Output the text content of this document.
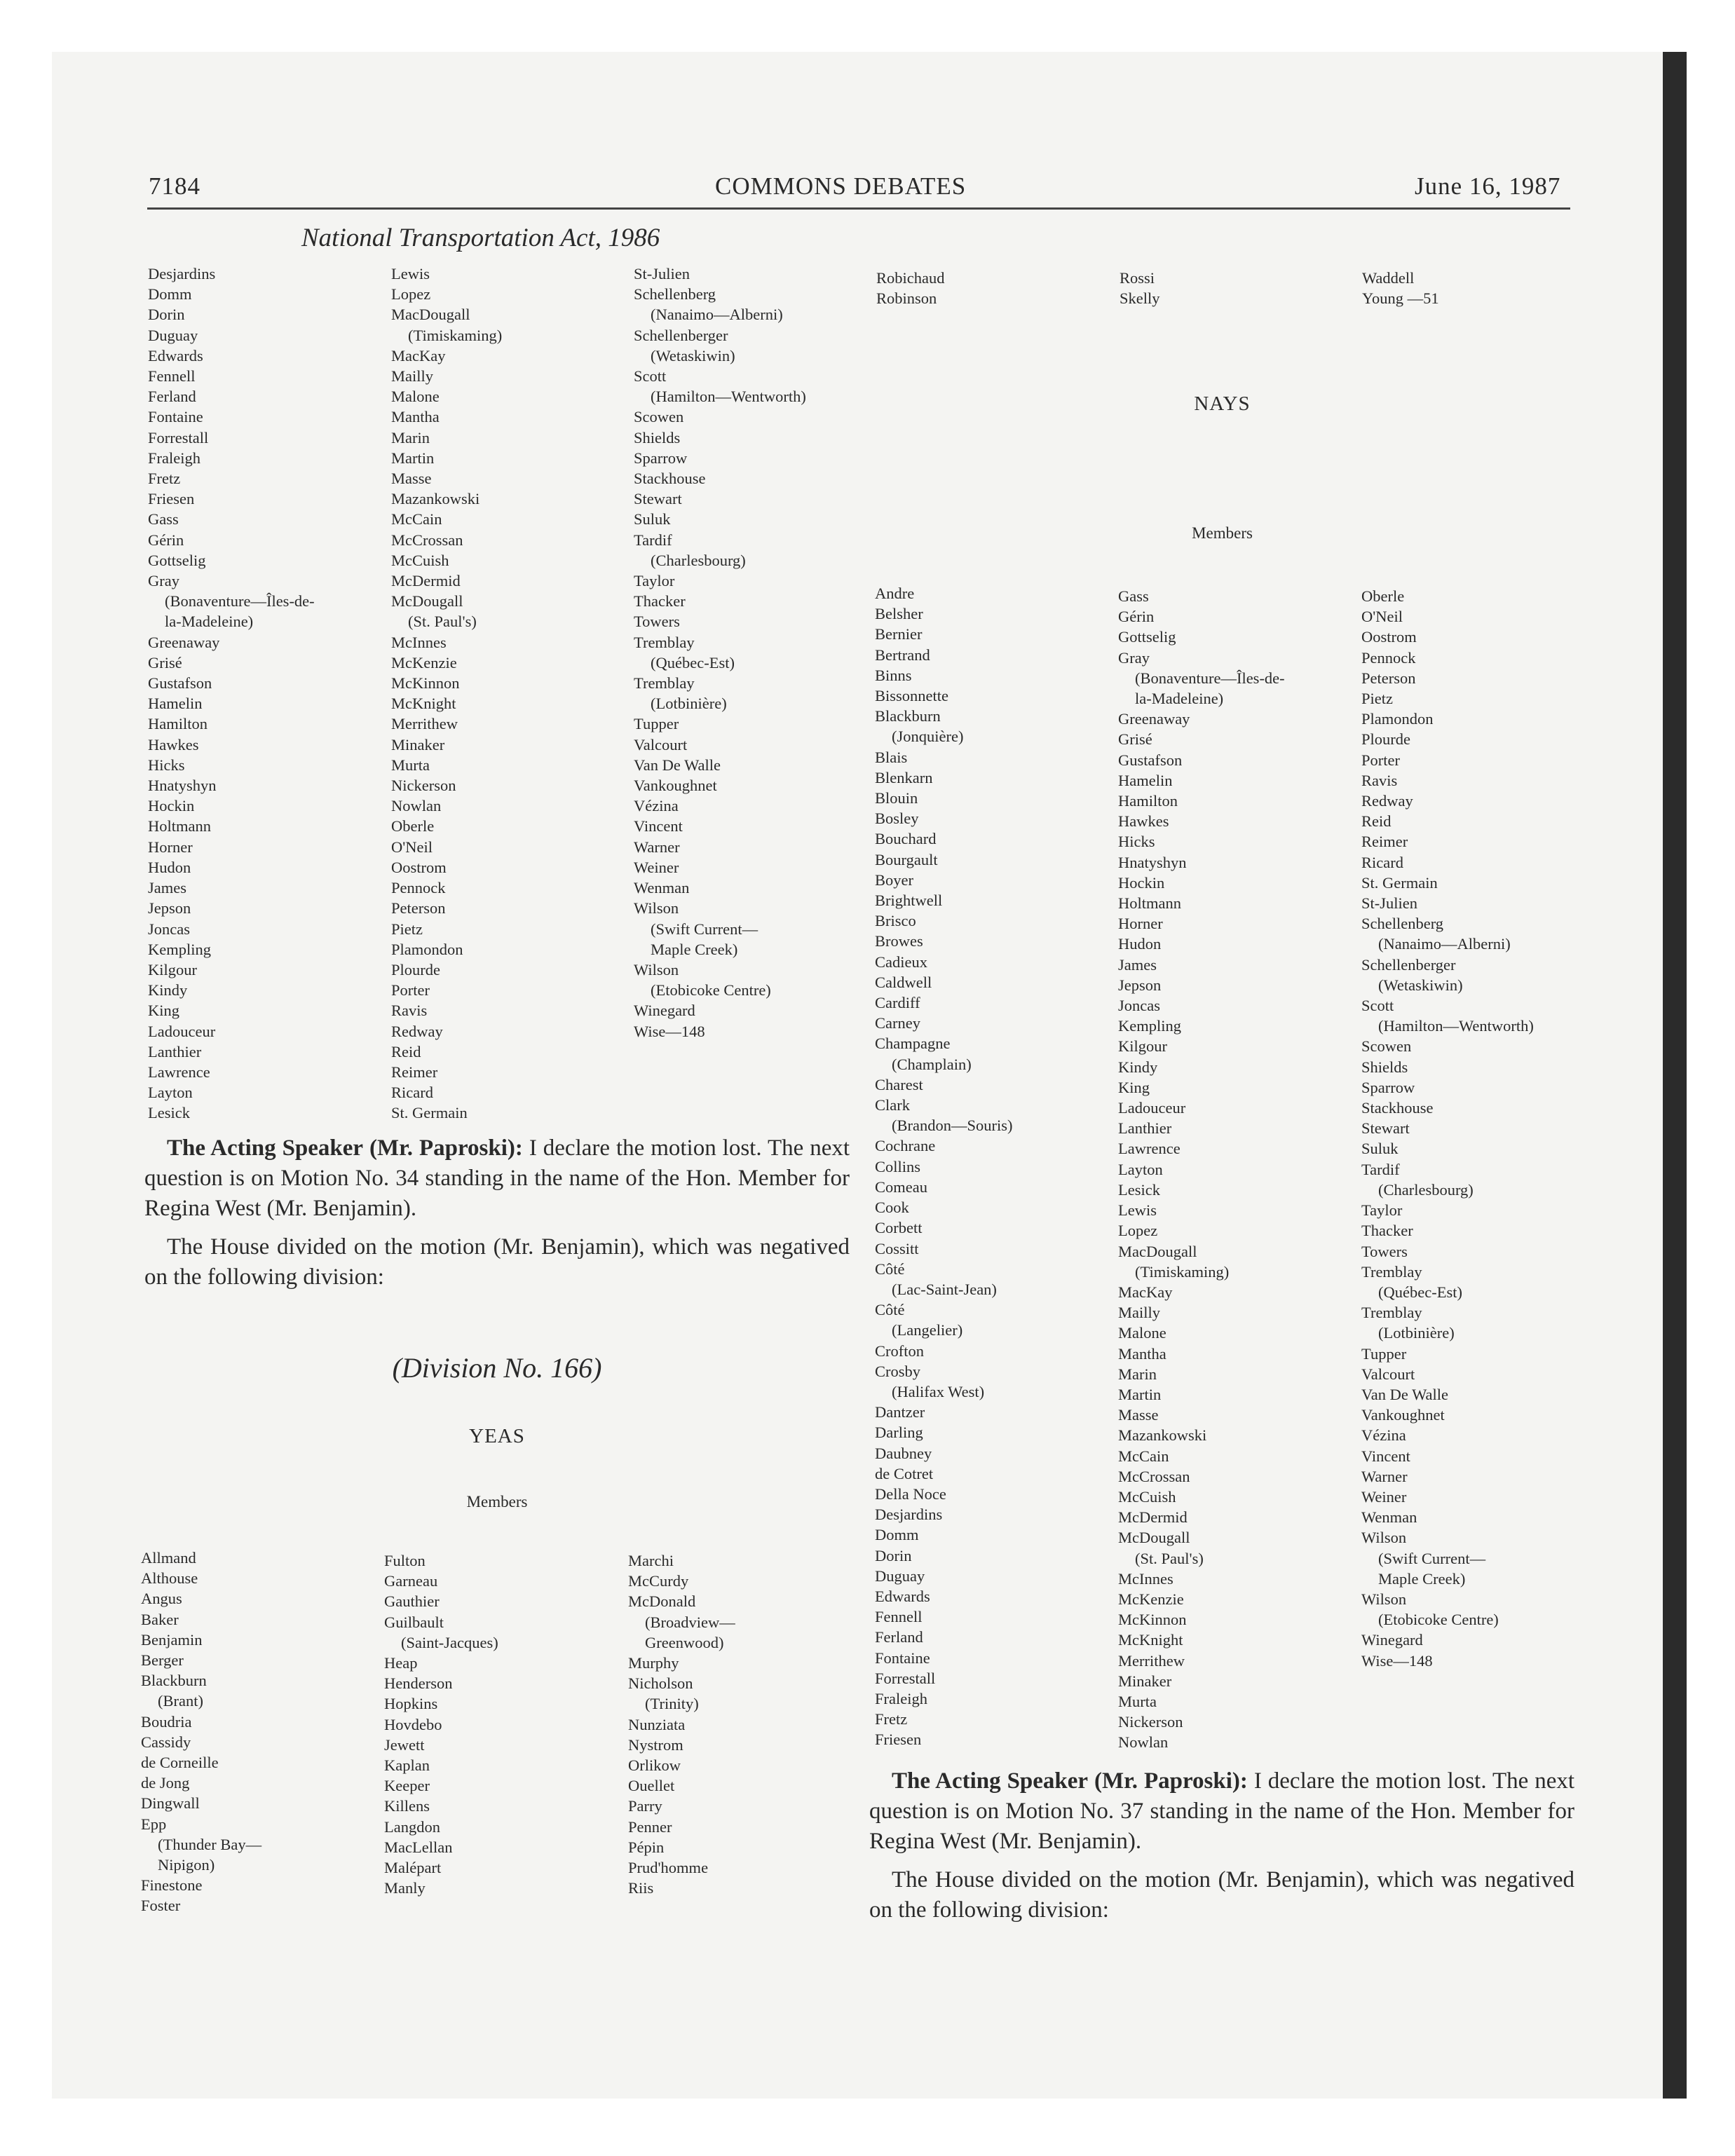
7184	COMMONS DEBATES	June 16, 1987
National Transportation Act, 1986
Desjardins
Domm
Dorin
Duguay
Edwards
Fennell
Ferland
Fontaine
Forrestall
Fraleigh
Fretz
Friesen
Gass
Gérin
Gottselig
Gray
(Bonaventure—Îles-de-
la-Madeleine)
Greenaway
Grisé
Gustafson
Hamelin
Hamilton
Hawkes
Hicks
Hnatyshyn
Hockin
Holtmann
Horner
Hudon
James
Jepson
Joncas
Kempling
Kilgour
Kindy
King
Ladouceur
Lanthier
Lawrence
Layton
Lesick
Lewis
Lopez
MacDougall
(Timiskaming)
MacKay
Mailly
Malone
Mantha
Marin
Martin
Masse
Mazankowski
McCain
McCrossan
McCuish
McDermid
McDougall
(St. Paul's)
McInnes
McKenzie
McKinnon
McKnight
Merrithew
Minaker
Murta
Nickerson
Nowlan
Oberle
O'Neil
Oostrom
Pennock
Peterson
Pietz
Plamondon
Plourde
Porter
Ravis
Redway
Reid
Reimer
Ricard
St. Germain
St-Julien
Schellenberg
(Nanaimo—Alberni)
Schellenberger
(Wetaskiwin)
Scott
(Hamilton—Wentworth)
Scowen
Shields
Sparrow
Stackhouse
Stewart
Suluk
Tardif
(Charlesbourg)
Taylor
Thacker
Towers
Tremblay
(Québec-Est)
Tremblay
(Lotbinière)
Tupper
Valcourt
Van De Walle
Vankoughnet
Vézina
Vincent
Warner
Weiner
Wenman
Wilson
(Swift Current—
Maple Creek)
Wilson
(Etobicoke Centre)
Winegard
Wise—148
Robichaud
Robinson
Rossi
Skelly
Waddell
Young —51

The Acting Speaker (Mr. Paproski): I declare the motion lost. The next question is on Motion No. 34 standing in the name of the Hon. Member for Regina West (Mr. Benjamin).

The House divided on the motion (Mr. Benjamin), which was negatived on the following division:

(Division No. 166)
YEAS
Members
Allmand
Althouse
Angus
Baker
Benjamin
Berger
Blackburn
(Brant)
Boudria
Cassidy
de Corneille
de Jong
Dingwall
Epp
(Thunder Bay—
Nipigon)
Finestone
Foster
Fulton
Garneau
Gauthier
Guilbault
(Saint-Jacques)
Heap
Henderson
Hopkins
Hovdebo
Jewett
Kaplan
Keeper
Killens
Langdon
MacLellan
Malépart
Manly
Marchi
McCurdy
McDonald
(Broadview—
Greenwood)
Murphy
Nicholson
(Trinity)
Nunziata
Nystrom
Orlikow
Ouellet
Parry
Penner
Pépin
Prud'homme
Riis
NAYS
Members
Andre
Belsher
Bernier
Bertrand
Binns
Bissonnette
Blackburn
(Jonquière)
Blais
Blenkarn
Blouin
Bosley
Bouchard
Bourgault
Boyer
Brightwell
Brisco
Browes
Cadieux
Caldwell
Cardiff
Carney
Champagne
(Champlain)
Charest
Clark
(Brandon—Souris)
Cochrane
Collins
Comeau
Cook
Corbett
Cossitt
Côté
(Lac-Saint-Jean)
Côté
(Langelier)
Crofton
Crosby
(Halifax West)
Dantzer
Darling
Daubney
de Cotret
Della Noce
Desjardins
Domm
Dorin
Duguay
Edwards
Fennell
Ferland
Fontaine
Forrestall
Fraleigh
Fretz
Friesen
Gass
Gérin
Gottselig
Gray
(Bonaventure—Îles-de-
la-Madeleine)
Greenaway
Grisé
Gustafson
Hamelin
Hamilton
Hawkes
Hicks
Hnatyshyn
Hockin
Holtmann
Horner
Hudon
James
Jepson
Joncas
Kempling
Kilgour
Kindy
King
Ladouceur
Lanthier
Lawrence
Layton
Lesick
Lewis
Lopez
MacDougall
(Timiskaming)
MacKay
Mailly
Malone
Mantha
Marin
Martin
Masse
Mazankowski
McCain
McCrossan
McCuish
McDermid
McDougall
(St. Paul's)
McInnes
McKenzie
McKinnon
McKnight
Merrithew
Minaker
Murta
Nickerson
Nowlan
Oberle
O'Neil
Oostrom
Pennock
Peterson
Pietz
Plamondon
Plourde
Porter
Ravis
Redway
Reid
Reimer
Ricard
St. Germain
St-Julien
Schellenberg
(Nanaimo—Alberni)
Schellenberger
(Wetaskiwin)
Scott
(Hamilton—Wentworth)
Scowen
Shields
Sparrow
Stackhouse
Stewart
Suluk
Tardif
(Charlesbourg)
Taylor
Thacker
Towers
Tremblay
(Québec-Est)
Tremblay
(Lotbinière)
Tupper
Valcourt
Van De Walle
Vankoughnet
Vézina
Vincent
Warner
Weiner
Wenman
Wilson
(Swift Current—
Maple Creek)
Wilson
(Etobicoke Centre)
Winegard
Wise—148

The Acting Speaker (Mr. Paproski): I declare the motion lost. The next question is on Motion No. 37 standing in the name of the Hon. Member for Regina West (Mr. Benjamin).

The House divided on the motion (Mr. Benjamin), which was negatived on the following division:
